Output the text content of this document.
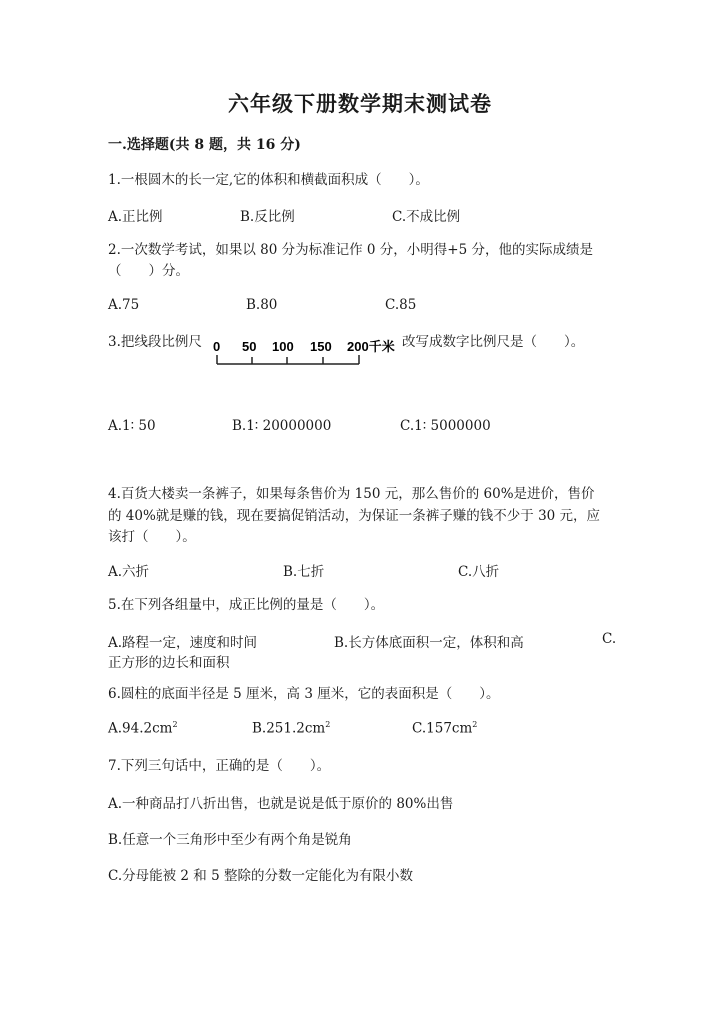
六年级下册数学期末测试卷
一.选择题(共 8 题，共 16 分)
1.一根圆木的长一定,它的体积和横截面积成（　　）。
A.正比例	B.反比例	C.不成比例
2.一次数学考试，如果以 80 分为标准记作 0 分，小明得+5 分，他的实际成绩是（　　）分。
A.75	B.80	C.85
3.把线段比例尺 0 50 100 150 200千米 改写成数字比例尺是（　　）。
A.1∶ 50	B.1∶ 20000000	C.1∶ 5000000
4.百货大楼卖一条裤子，如果每条售价为 150 元，那么售价的 60%是进价，售价的 40%就是赚的钱，现在要搞促销活动，为保证一条裤子赚的钱不少于 30 元，应该打（　　）。
A.六折	B.七折	C.八折
5.在下列各组量中，成正比例的量是（　　）。
A.路程一定，速度和时间	B.长方体底面积一定，体积和高	C.
正方形的边长和面积
6.圆柱的底面半径是 5 厘米，高 3 厘米，它的表面积是（　　）。
$A.94.2cm^2$	$B.251.2cm^2$	$C.157cm^2$
7.下列三句话中，正确的是（　　）。
A.一种商品打八折出售，也就是说是低于原价的 80%出售
B.任意一个三角形中至少有两个角是锐角
C.分母能被 2 和 5 整除的分数一定能化为有限小数
